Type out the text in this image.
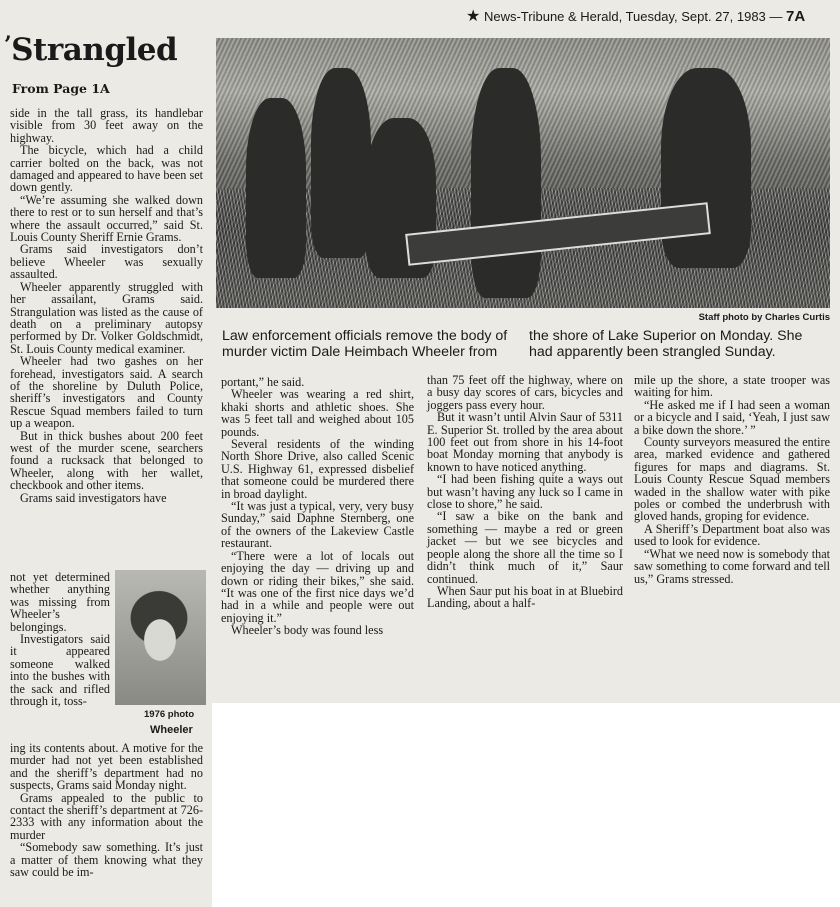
★ News-Tribune & Herald, Tuesday, Sept. 27, 1983 — 7A
’Strangled
From Page 1A
Staff photo by Charles Curtis
Law enforcement officials remove the body of murder victim Dale Heimbach Wheeler from
the shore of Lake Superior on Monday. She had apparently been strangled Sunday.

side in the tall grass, its handlebar visible from 30 feet away on the highway.

The bicycle, which had a child carrier bolted on the back, was not damaged and appeared to have been set down gently.

“We’re assuming she walked down there to rest or to sun herself and that’s where the assault occurred,” said St. Louis County Sheriff Ernie Grams.

Grams said investigators don’t believe Wheeler was sexually assaulted.

Wheeler apparently struggled with her assailant, Grams said. Strangulation was listed as the cause of death on a preliminary autopsy performed by Dr. Volker Goldschmidt, St. Louis County medical examiner.

Wheeler had two gashes on her forehead, investigators said. A search of the shoreline by Duluth Police, sheriff’s investigators and County Rescue Squad members failed to turn up a weapon.

But in thick bushes about 200 feet west of the murder scene, searchers found a rucksack that belonged to Wheeler, along with her wallet, checkbook and other items.

Grams said investigators have

not yet determined whether anything was missing from Wheeler’s belongings.

Investigators said it appeared someone walked into the bushes with the sack and rifled through it, toss-

1976 photo
Wheeler

ing its contents about. A motive for the murder had not yet been established and the sheriff’s department had no suspects, Grams said Monday night.

Grams appealed to the public to contact the sheriff’s department at 726-2333 with any information about the murder

“Somebody saw something. It’s just a matter of them knowing what they saw could be im-

portant,” he said.

Wheeler was wearing a red shirt, khaki shorts and athletic shoes. She was 5 feet tall and weighed about 105 pounds.

Several residents of the winding North Shore Drive, also called Scenic U.S. Highway 61, expressed disbelief that someone could be murdered there in broad daylight.

“It was just a typical, very, very busy Sunday,” said Daphne Sternberg, one of the owners of the Lakeview Castle restaurant.

“There were a lot of locals out enjoying the day — driving up and down or riding their bikes,” she said. “It was one of the first nice days we’d had in a while and people were out enjoying it.”

Wheeler’s body was found less

than 75 feet off the highway, where on a busy day scores of cars, bicycles and joggers pass every hour.

But it wasn’t until Alvin Saur of 5311 E. Superior St. trolled by the area about 100 feet out from shore in his 14-foot boat Monday morning that anybody is known to have noticed anything.

“I had been fishing quite a ways out but wasn’t having any luck so I came in close to shore,” he said.

“I saw a bike on the bank and something — maybe a red or green jacket — but we see bicycles and people along the shore all the time so I didn’t think much of it,” Saur continued.

When Saur put his boat in at Bluebird Landing, about a half-

mile up the shore, a state trooper was waiting for him.

“He asked me if I had seen a woman or a bicycle and I said, ‘Yeah, I just saw a bike down the shore.’ ”

County surveyors measured the entire area, marked evidence and gathered figures for maps and diagrams. St. Louis County Rescue Squad members waded in the shallow water with pike poles or combed the underbrush with gloved hands, groping for evidence.

A Sheriff’s Department boat also was used to look for evidence.

“What we need now is somebody that saw something to come forward and tell us,” Grams stressed.
